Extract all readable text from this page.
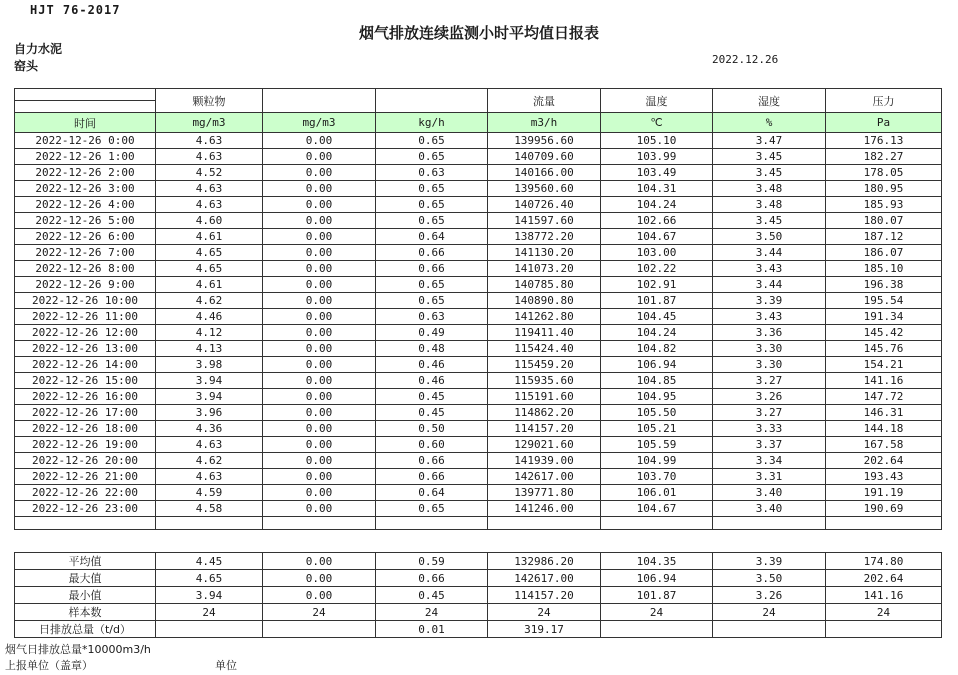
HJT 76-2017
烟气排放连续监测小时平均值日报表
自力水泥
窑头	2022.12.26
	颗粒物			流量	温度	湿度	压力

时间	mg/m3	mg/m3	kg/h	m3/h	℃	%	Pa
2022-12-26 0:00	4.63	0.00	0.65	139956.60	105.10	3.47	176.13
2022-12-26 1:00	4.63	0.00	0.65	140709.60	103.99	3.45	182.27
2022-12-26 2:00	4.52	0.00	0.63	140166.00	103.49	3.45	178.05
2022-12-26 3:00	4.63	0.00	0.65	139560.60	104.31	3.48	180.95
2022-12-26 4:00	4.63	0.00	0.65	140726.40	104.24	3.48	185.93
2022-12-26 5:00	4.60	0.00	0.65	141597.60	102.66	3.45	180.07
2022-12-26 6:00	4.61	0.00	0.64	138772.20	104.67	3.50	187.12
2022-12-26 7:00	4.65	0.00	0.66	141130.20	103.00	3.44	186.07
2022-12-26 8:00	4.65	0.00	0.66	141073.20	102.22	3.43	185.10
2022-12-26 9:00	4.61	0.00	0.65	140785.80	102.91	3.44	196.38
2022-12-26 10:00	4.62	0.00	0.65	140890.80	101.87	3.39	195.54
2022-12-26 11:00	4.46	0.00	0.63	141262.80	104.45	3.43	191.34
2022-12-26 12:00	4.12	0.00	0.49	119411.40	104.24	3.36	145.42
2022-12-26 13:00	4.13	0.00	0.48	115424.40	104.82	3.30	145.76
2022-12-26 14:00	3.98	0.00	0.46	115459.20	106.94	3.30	154.21
2022-12-26 15:00	3.94	0.00	0.46	115935.60	104.85	3.27	141.16
2022-12-26 16:00	3.94	0.00	0.45	115191.60	104.95	3.26	147.72
2022-12-26 17:00	3.96	0.00	0.45	114862.20	105.50	3.27	146.31
2022-12-26 18:00	4.36	0.00	0.50	114157.20	105.21	3.33	144.18
2022-12-26 19:00	4.63	0.00	0.60	129021.60	105.59	3.37	167.58
2022-12-26 20:00	4.62	0.00	0.66	141939.00	104.99	3.34	202.64
2022-12-26 21:00	4.63	0.00	0.66	142617.00	103.70	3.31	193.43
2022-12-26 22:00	4.59	0.00	0.64	139771.80	106.01	3.40	191.19
2022-12-26 23:00	4.58	0.00	0.65	141246.00	104.67	3.40	190.69

平均值	4.45	0.00	0.59	132986.20	104.35	3.39	174.80
最大值	4.65	0.00	0.66	142617.00	106.94	3.50	202.64
最小值	3.94	0.00	0.45	114157.20	101.87	3.26	141.16
样本数	24	24	24	24	24	24	24
日排放总量（t/d）			0.01	319.17			
烟气日排放总量*10000m3/h
上报单位（盖章）	单位
